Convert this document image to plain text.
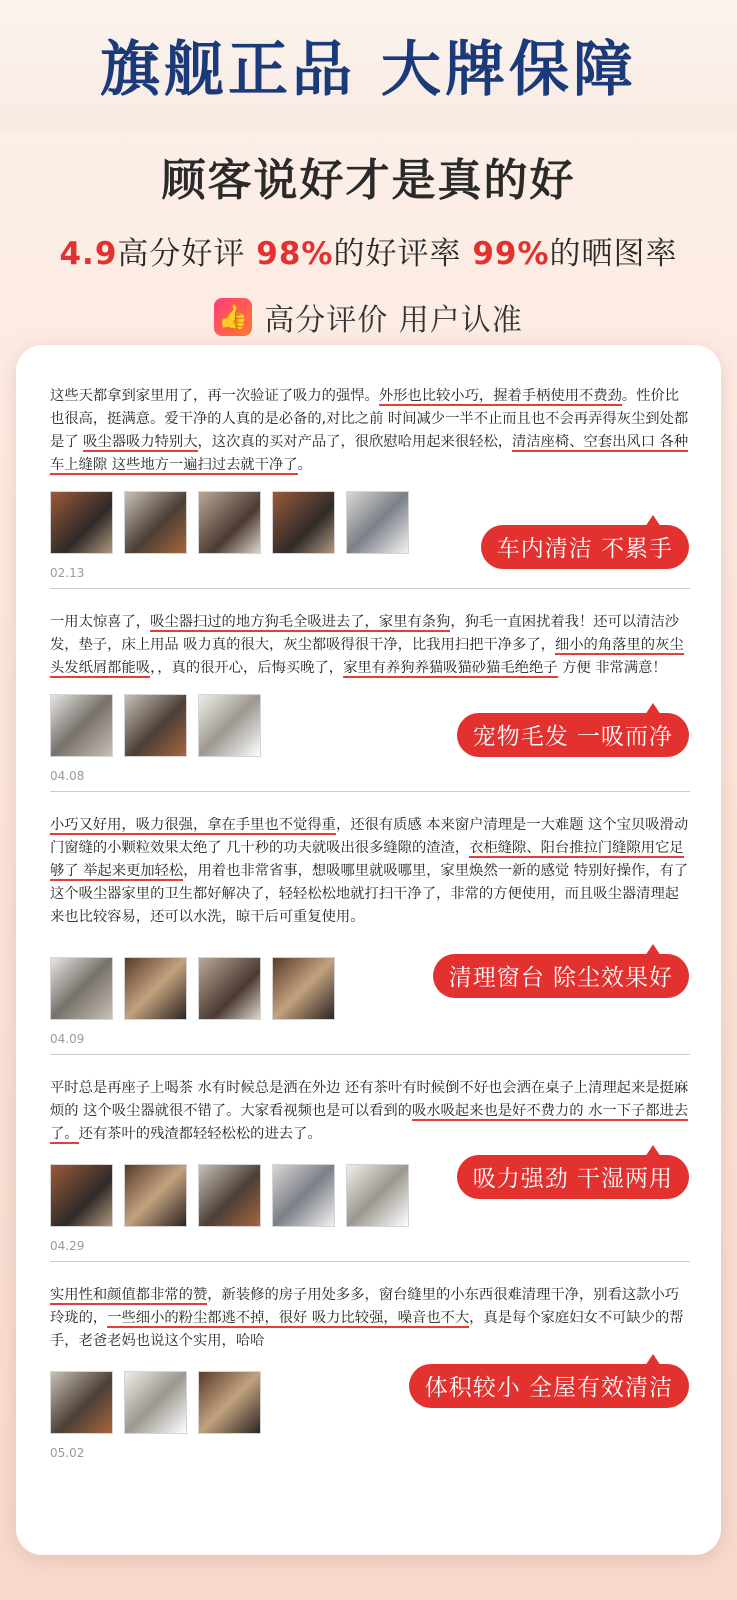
旗舰正品 大牌保障
顾客说好才是真的好
4.9高分好评 98%的好评率 99%的晒图率
👍 高分评价 用户认准
这些天都拿到家里用了，再一次验证了吸力的强悍。外形也比较小巧，握着手柄使用不费劲。性价比也很高，挺满意。爱干净的人真的是必备的,对比之前 时间减少一半不止而且也不会再弄得灰尘到处都是了 吸尘器吸力特别大，这次真的买对产品了，很欣慰哈用起来很轻松，清洁座椅、空套出风口 各种车上缝隙 这些地方一遍扫过去就干净了。
车内清洁 不累手
02.13
一用太惊喜了，吸尘器扫过的地方狗毛全吸进去了，家里有条狗，狗毛一直困扰着我！还可以清洁沙发，垫子，床上用品 吸力真的很大，灰尘都吸得很干净，比我用扫把干净多了，细小的角落里的灰尘头发纸屑都能吸，，真的很开心，后悔买晚了，家里有养狗养猫吸猫砂猫毛绝绝子 方便 非常满意！
宠物毛发 一吸而净
04.08
小巧又好用，吸力很强，拿在手里也不觉得重，还很有质感 本来窗户清理是一大难题 这个宝贝吸滑动门窗缝的小颗粒效果太绝了 几十秒的功夫就吸出很多缝隙的渣渣，衣柜缝隙、阳台推拉门缝隙用它足够了 举起来更加轻松，用着也非常省事，想吸哪里就吸哪里，家里焕然一新的感觉 特别好操作，有了这个吸尘器家里的卫生都好解决了，轻轻松松地就打扫干净了，非常的方便使用，而且吸尘器清理起来也比较容易，还可以水洗，晾干后可重复使用。
清理窗台 除尘效果好
04.09
平时总是再座子上喝茶 水有时候总是洒在外边 还有茶叶有时候倒不好也会洒在桌子上清理起来是挺麻烦的 这个吸尘器就很不错了。大家看视频也是可以看到的吸水吸起来也是好不费力的 水一下子都进去了。还有茶叶的残渣都轻轻松松的进去了。
吸力强劲 干湿两用
04.29
实用性和颜值都非常的赞，新装修的房子用处多多，窗台缝里的小东西很难清理干净，别看这款小巧玲珑的，一些细小的粉尘都逃不掉，很好 吸力比较强，噪音也不大，真是每个家庭妇女不可缺少的帮手，老爸老妈也说这个实用，哈哈
体积较小 全屋有效清洁
05.02
